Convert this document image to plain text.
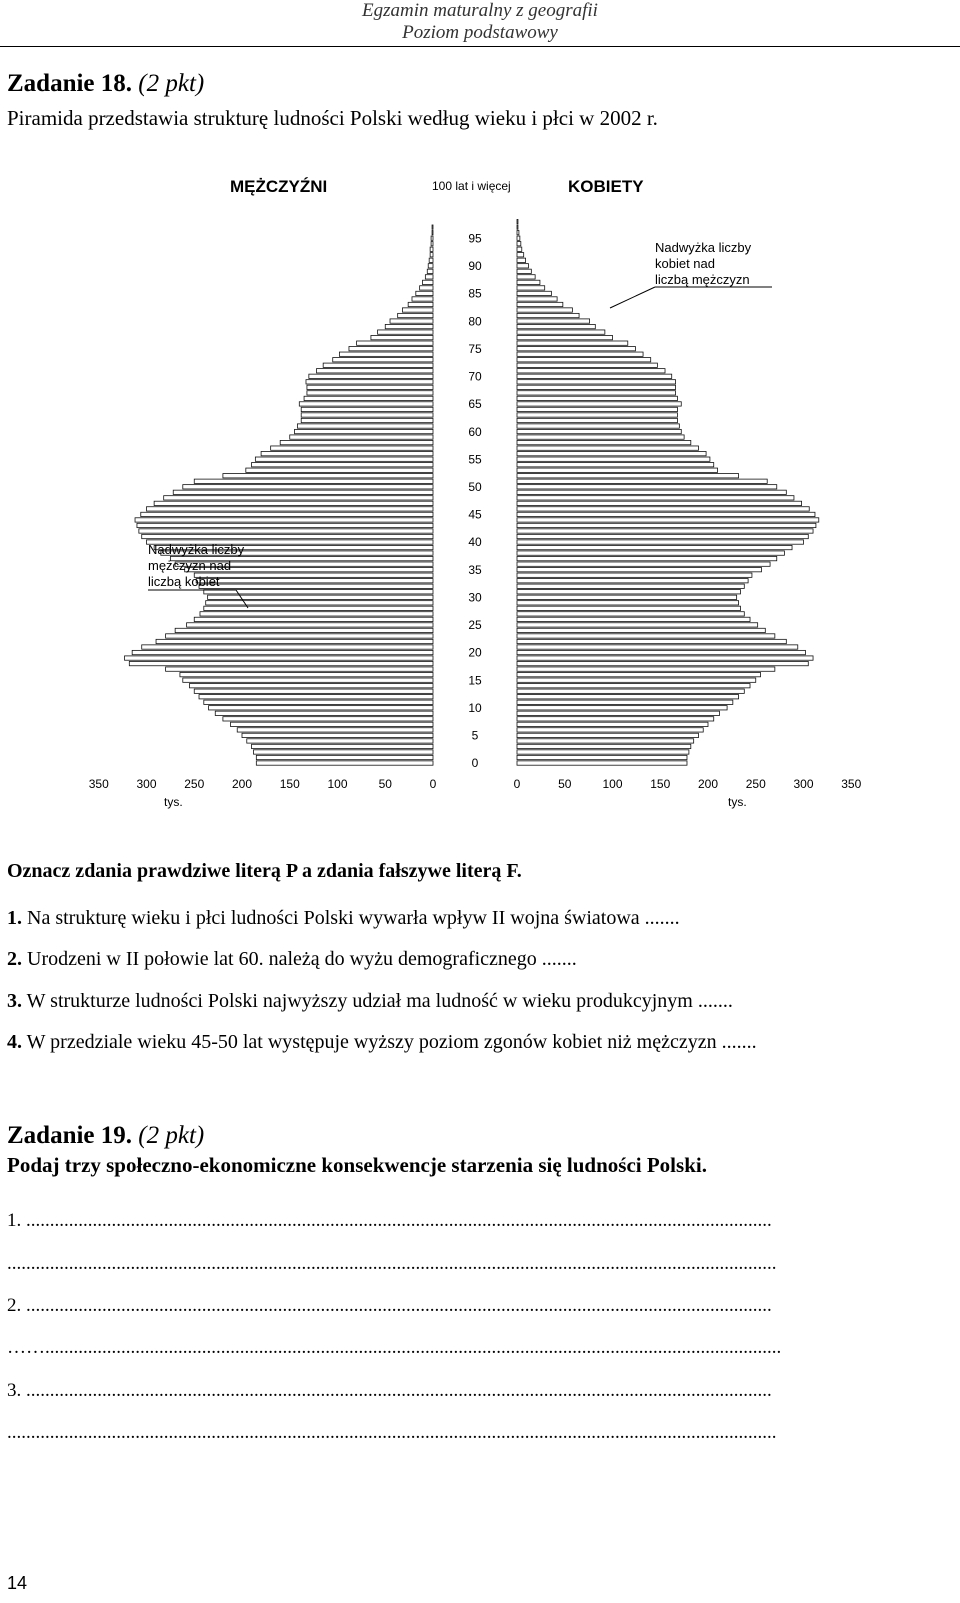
Egzamin maturalny z geografii
Poziom podstawowy
Zadanie 18. (2 pkt)
Piramida przedstawia strukturę ludności Polski według wieku i płci w 2002 r.
0
5
10
15
20
25
30
35
40
45
50
55
60
65
70
75
80
85
90
95
350 300 250 200 150 100	50	0	0	50	100 150 200 250 300 350
MĘŻCZYŹNI	KOBIETY
100 lat i więcej
tys.	tys.
Nadwyżka liczby
kobiet nad
liczbą mężczyzn
Nadwyżka liczby
mężczyzn nad
liczbą kobiet
Oznacz zdania prawdziwe literą P a zdania fałszywe literą F.
1. Na strukturę wieku i płci ludności Polski wywarła wpływ II wojna światowa .......
2. Urodzeni w II połowie lat 60. należą do wyżu demograficznego .......
3. W strukturze ludności Polski najwyższy udział ma ludność w wieku produkcyjnym .......
4. W przedziale wieku 45-50 lat występuje wyższy poziom zgonów kobiet niż mężczyzn .......
Zadanie 19. (2 pkt)
Podaj trzy społeczno-ekonomiczne konsekwencje starzenia się ludności Polski.
1. .............................................................................................................................................................
..................................................................................................................................................................
2. .............................................................................................................................................................
……...........................................................................................................................................................
3. .............................................................................................................................................................
..................................................................................................................................................................
14
